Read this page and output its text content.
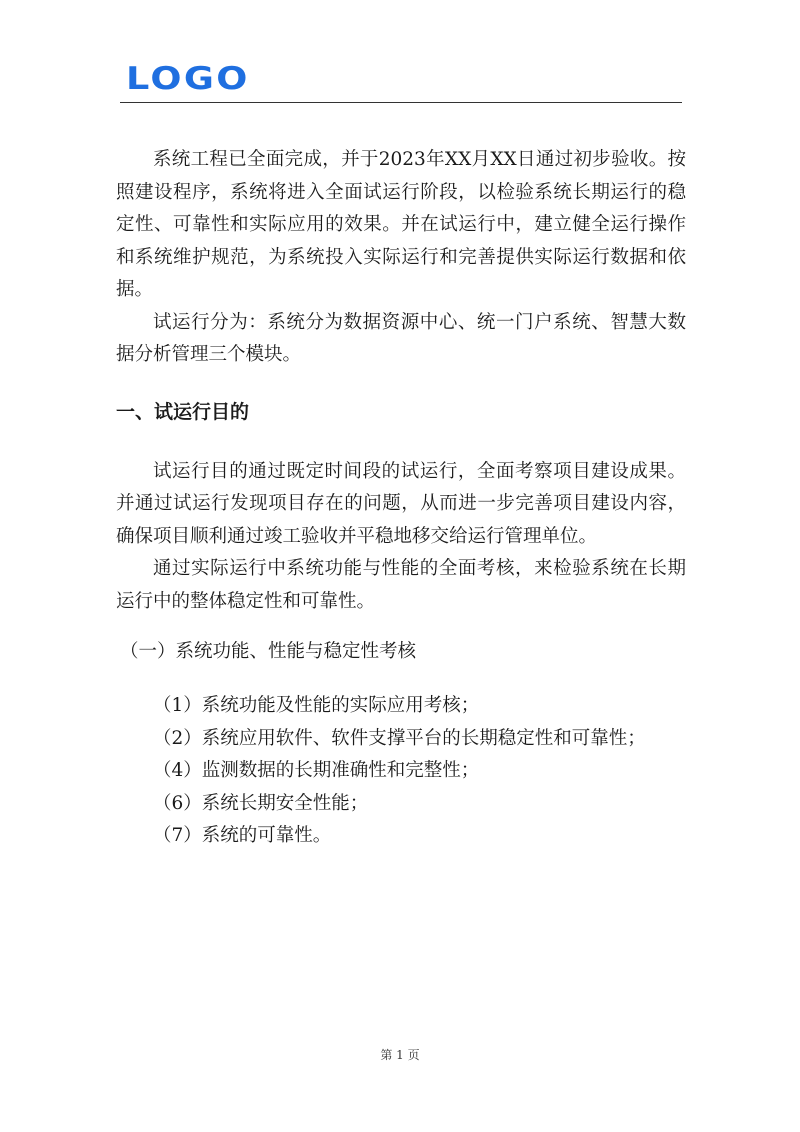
LOGO

系统工程已全面完成，并于2023年XX月XX日通过初步验收。按照建设程序，系统将进入全面试运行阶段，以检验系统长期运行的稳定性、可靠性和实际应用的效果。并在试运行中，建立健全运行操作和系统维护规范，为系统投入实际运行和完善提供实际运行数据和依据。

试运行分为：系统分为数据资源中心、统一门户系统、智慧大数据分析管理三个模块。

一、试运行目的

试运行目的通过既定时间段的试运行，全面考察项目建设成果。并通过试运行发现项目存在的问题，从而进一步完善项目建设内容，确保项目顺利通过竣工验收并平稳地移交给运行管理单位。

通过实际运行中系统功能与性能的全面考核，来检验系统在长期运行中的整体稳定性和可靠性。

（一）系统功能、性能与稳定性考核

（1）系统功能及性能的实际应用考核；

（2）系统应用软件、软件支撑平台的长期稳定性和可靠性；

（4）监测数据的长期准确性和完整性；

（6）系统长期安全性能；

（7）系统的可靠性。

第 1 页
